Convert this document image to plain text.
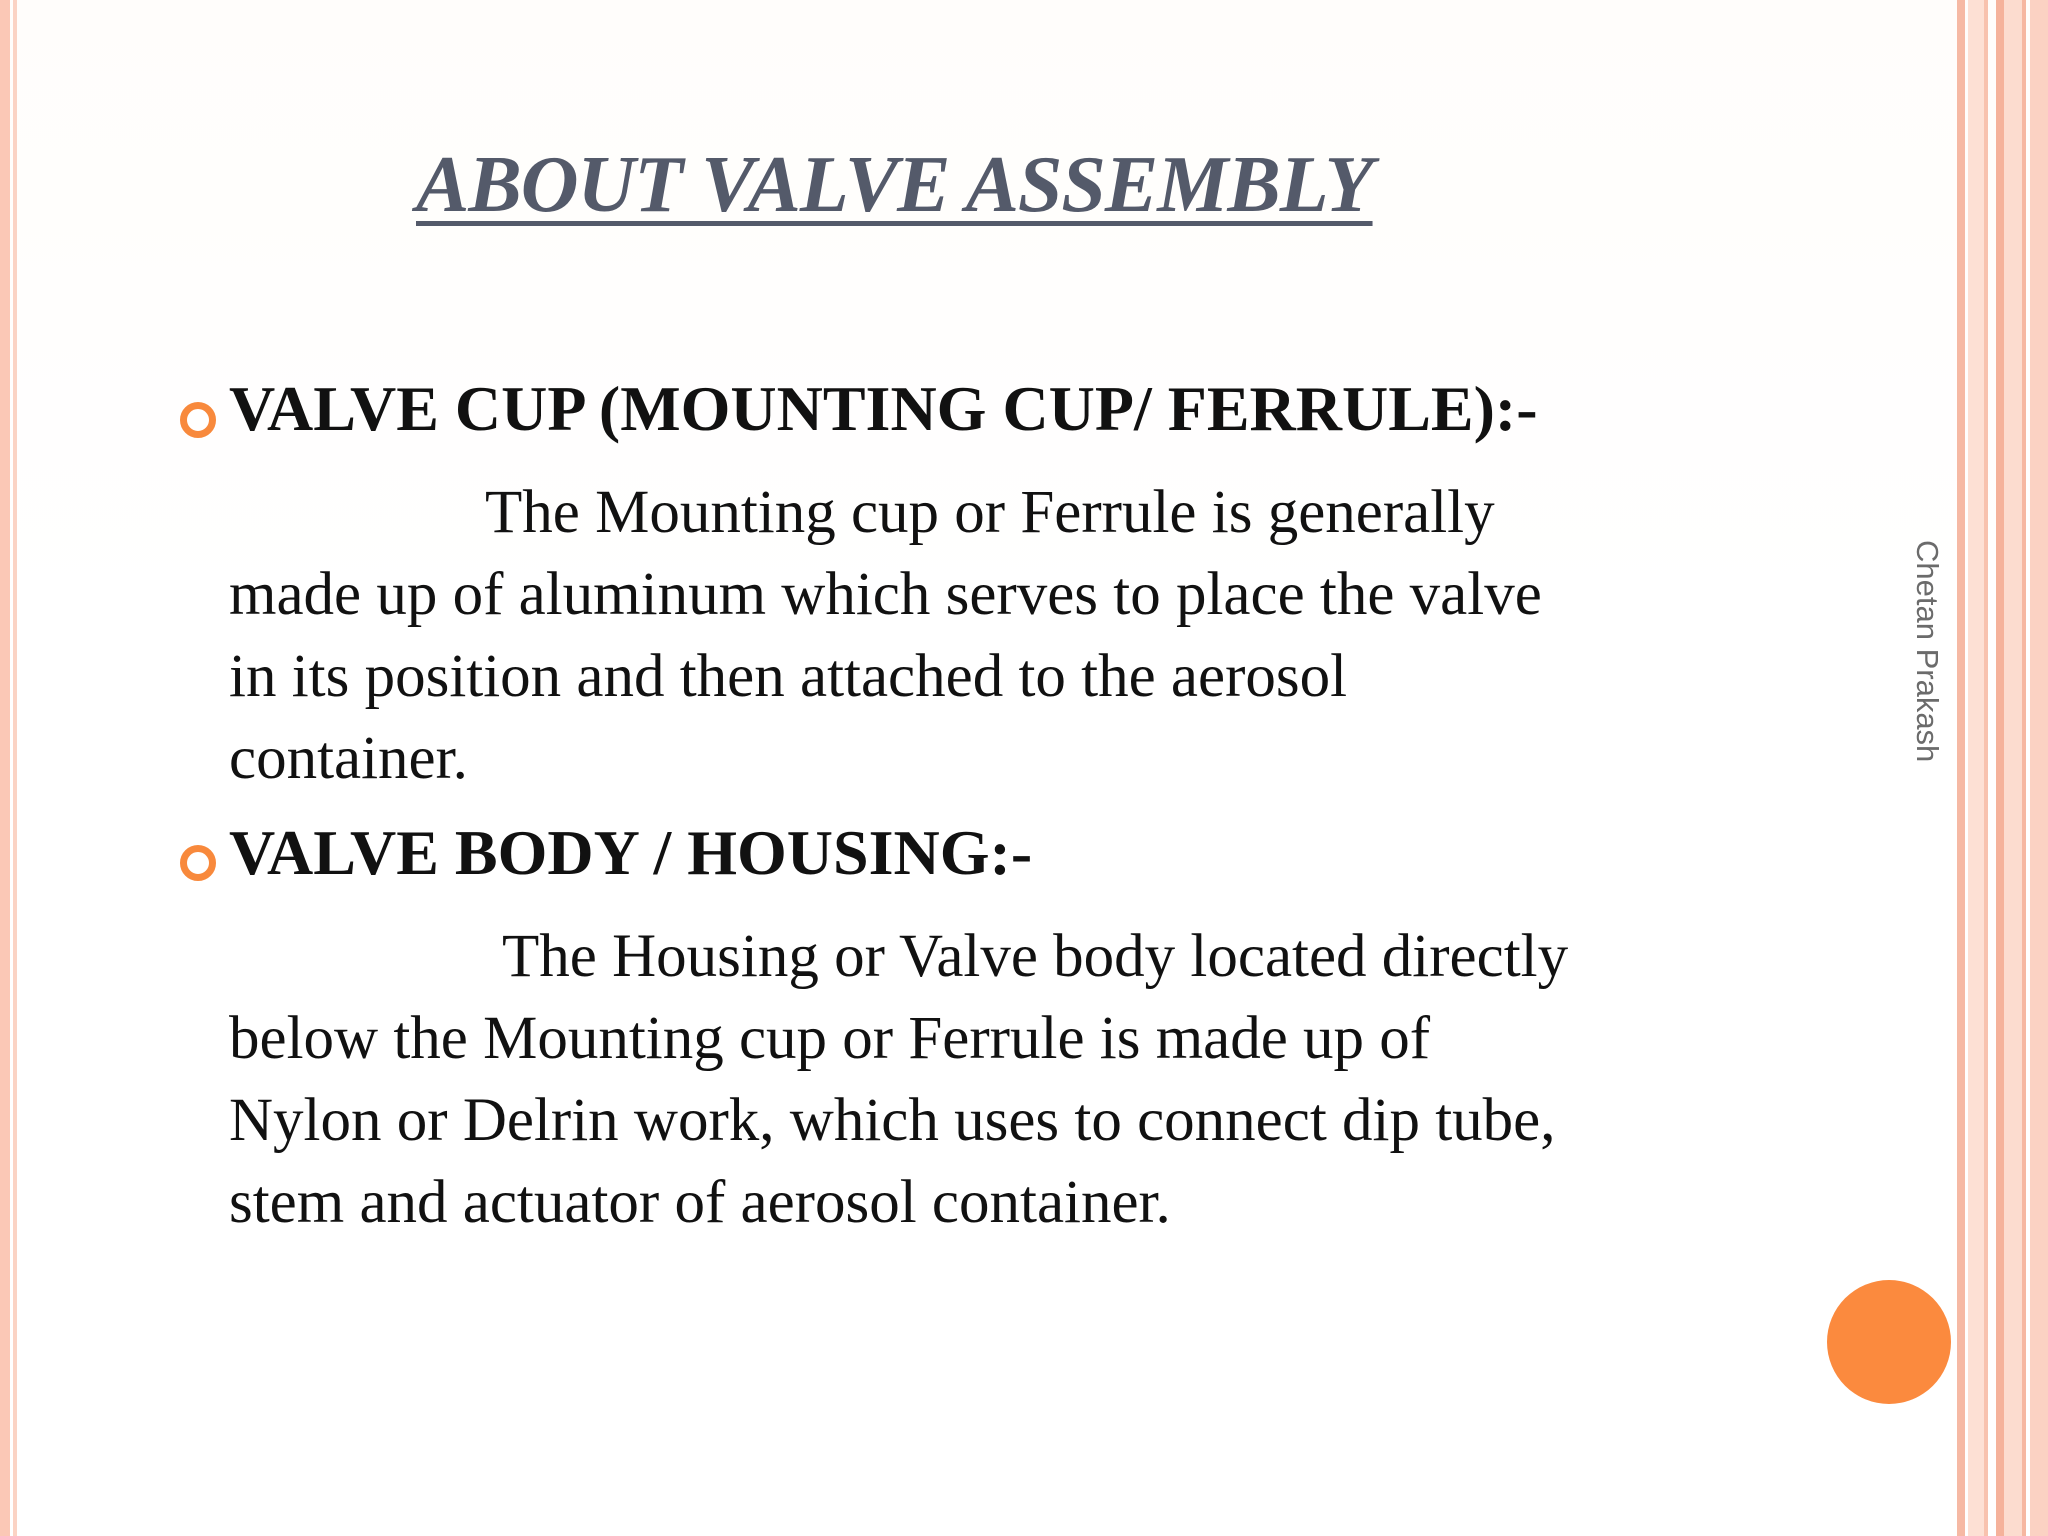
ABOUT VALVE ASSEMBLY
VALVE CUP (MOUNTING CUP/ FERRULE):-

The Mounting cup or Ferrule is generally
made up of aluminum which serves to place the valve
in its position and then attached to the aerosol
container.

VALVE BODY / HOUSING:-

The Housing or Valve body located directly
below the Mounting cup or Ferrule is made up of
Nylon or Delrin work, which uses to connect dip tube,
stem and actuator of aerosol container.

Chetan Prakash
